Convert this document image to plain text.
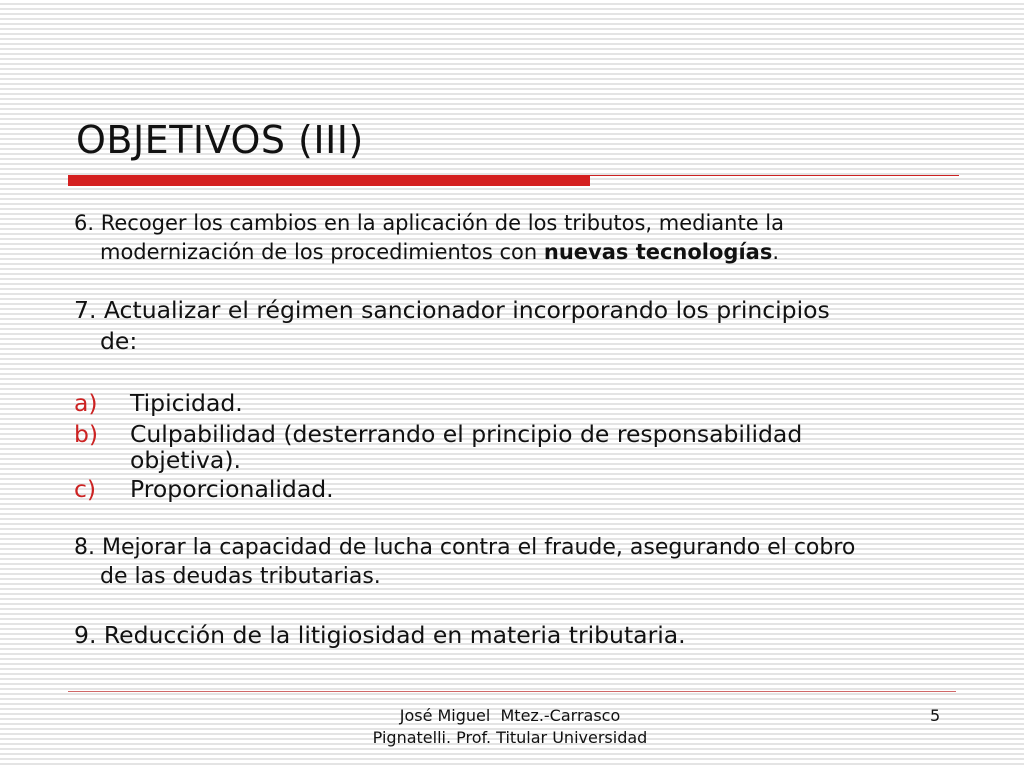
OBJETIVOS (III)

6. Recoger los cambios en la aplicación de los tributos, mediante la
modernización de los procedimientos con nuevas tecnologías.

7. Actualizar el régimen sancionador incorporando los principios
de:

a) Tipicidad.
b) Culpabilidad (desterrando el principio de responsabilidad objetiva).
c) Proporcionalidad.

8. Mejorar la capacidad de lucha contra el fraude, asegurando el cobro
de las deudas tributarias.

9. Reducción de la litigiosidad en materia tributaria.

José Miguel  Mtez.-Carrasco
Pignatelli. Prof. Titular Universidad
5
